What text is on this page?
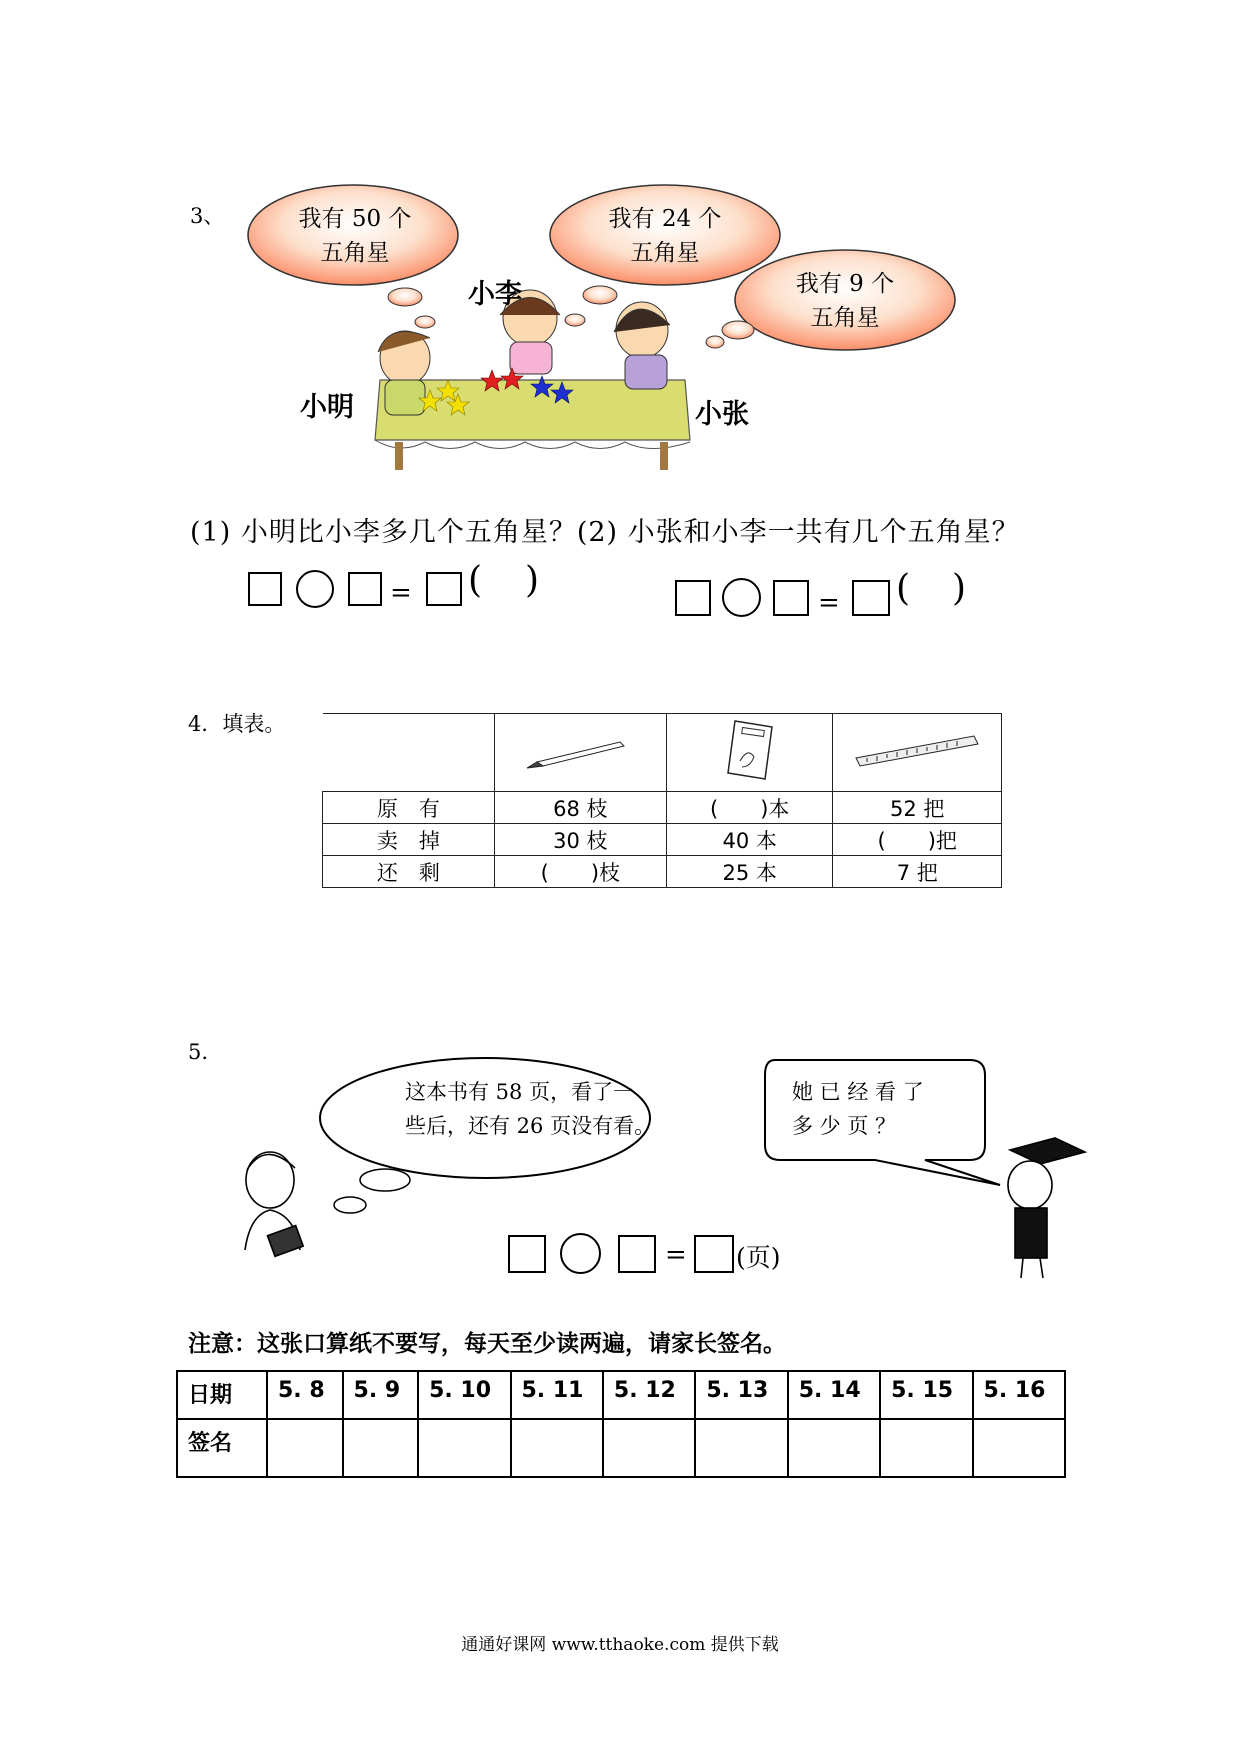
3、	我有 50 个
五角星
我有 24 个
五角星
我有 9 个
五角星
小李
小明	小张
(1) 小明比小李多几个五角星？(2) 小张和小李一共有几个五角星？
= ( )
= ( )
4．填表。

原　有	68 枝	(　　)本	52 把
卖　掉	30 枝	40 本	(　　)把
还　剩	(　　)枝	25 本	7 把
5.
这本书有 58 页，看了一
些后，还有 26 页没有看。
她 已 经 看 了
多 少 页 ？
= (页)
注意：这张口算纸不要写，每天至少读两遍，请家长签名。
日期	5. 8	5. 9	5. 10	5. 11	5. 12	5. 13	5. 14	5. 15	5. 16
签名									
通通好课网 www.tthaoke.com 提供下载
